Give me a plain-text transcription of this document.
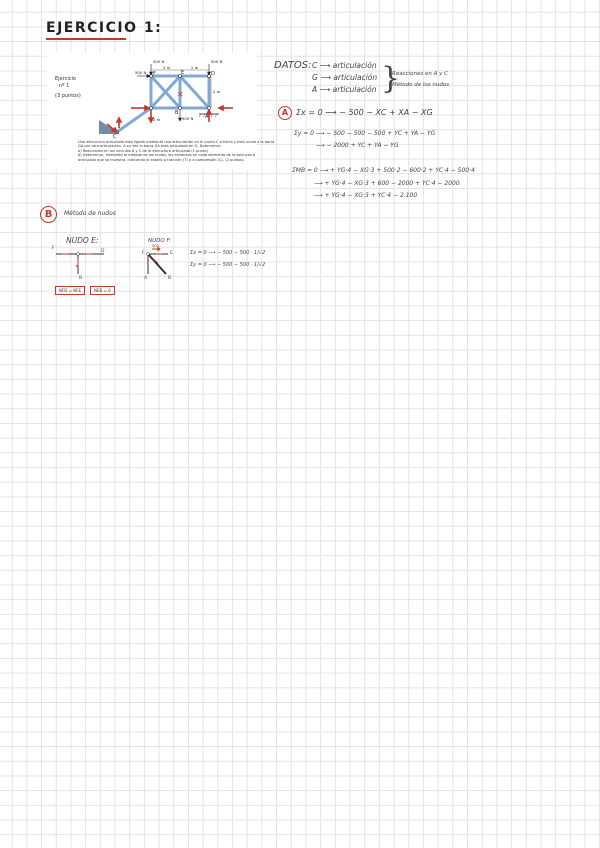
EJERCICIO 1:
Ejercicio
nº 1
(3 puntos)	✕
500 N	500 N
500 N
500 N
2 m	2 m
2 m
2 m
F	E	D
B
A
C
Una estructura articulada está ligada mediante una articulación en el punto C a tierra y está unida a la barra
GA por otra articulación. A su vez la barra GA está articulada en G. Determinar:
a) Reacciones en los vínculos A y C de la estructura articulada (1 punto)
b) Determinar, mediante el método de los nudos, los esfuerzos en cada elemento de la estructura
articulada que se muestra, indicando el estado a tracción (T) o a compresión (C). (2 puntos)
DATOS: C ⟶ articulación
G ⟶ articulación
A ⟶ articulación }
Reacciones en A y C
Método de los nudos
A Σx = 0 ⟶ − 500 − XC + XA − XG
Σy = 0 ⟶ − 500 − 500 − 500 + YC + YA − YG
⟶ − 2000 + YC + YA − YG
ΣMB = 0 ⟶ + YG·4 − XG·3 + 500·2 − 600·2 + YC·4 − 500·4
⟶ + YG·4 − XG·3 + 600 − 2000 + YC·4 − 2000
⟶ + YG·4 − XG·3 + YC·4 − 2.100
B	Método de nudos
NUDO E:
✕
F
D
B
NFD = NFE	NEB = 0
NUDO F:
500
F	E
A	B
Σx = 0 ⟶ − 500 − 500 · 1/√2
Σy = 0 ⟶ − 500 − 500 · 1/√2
